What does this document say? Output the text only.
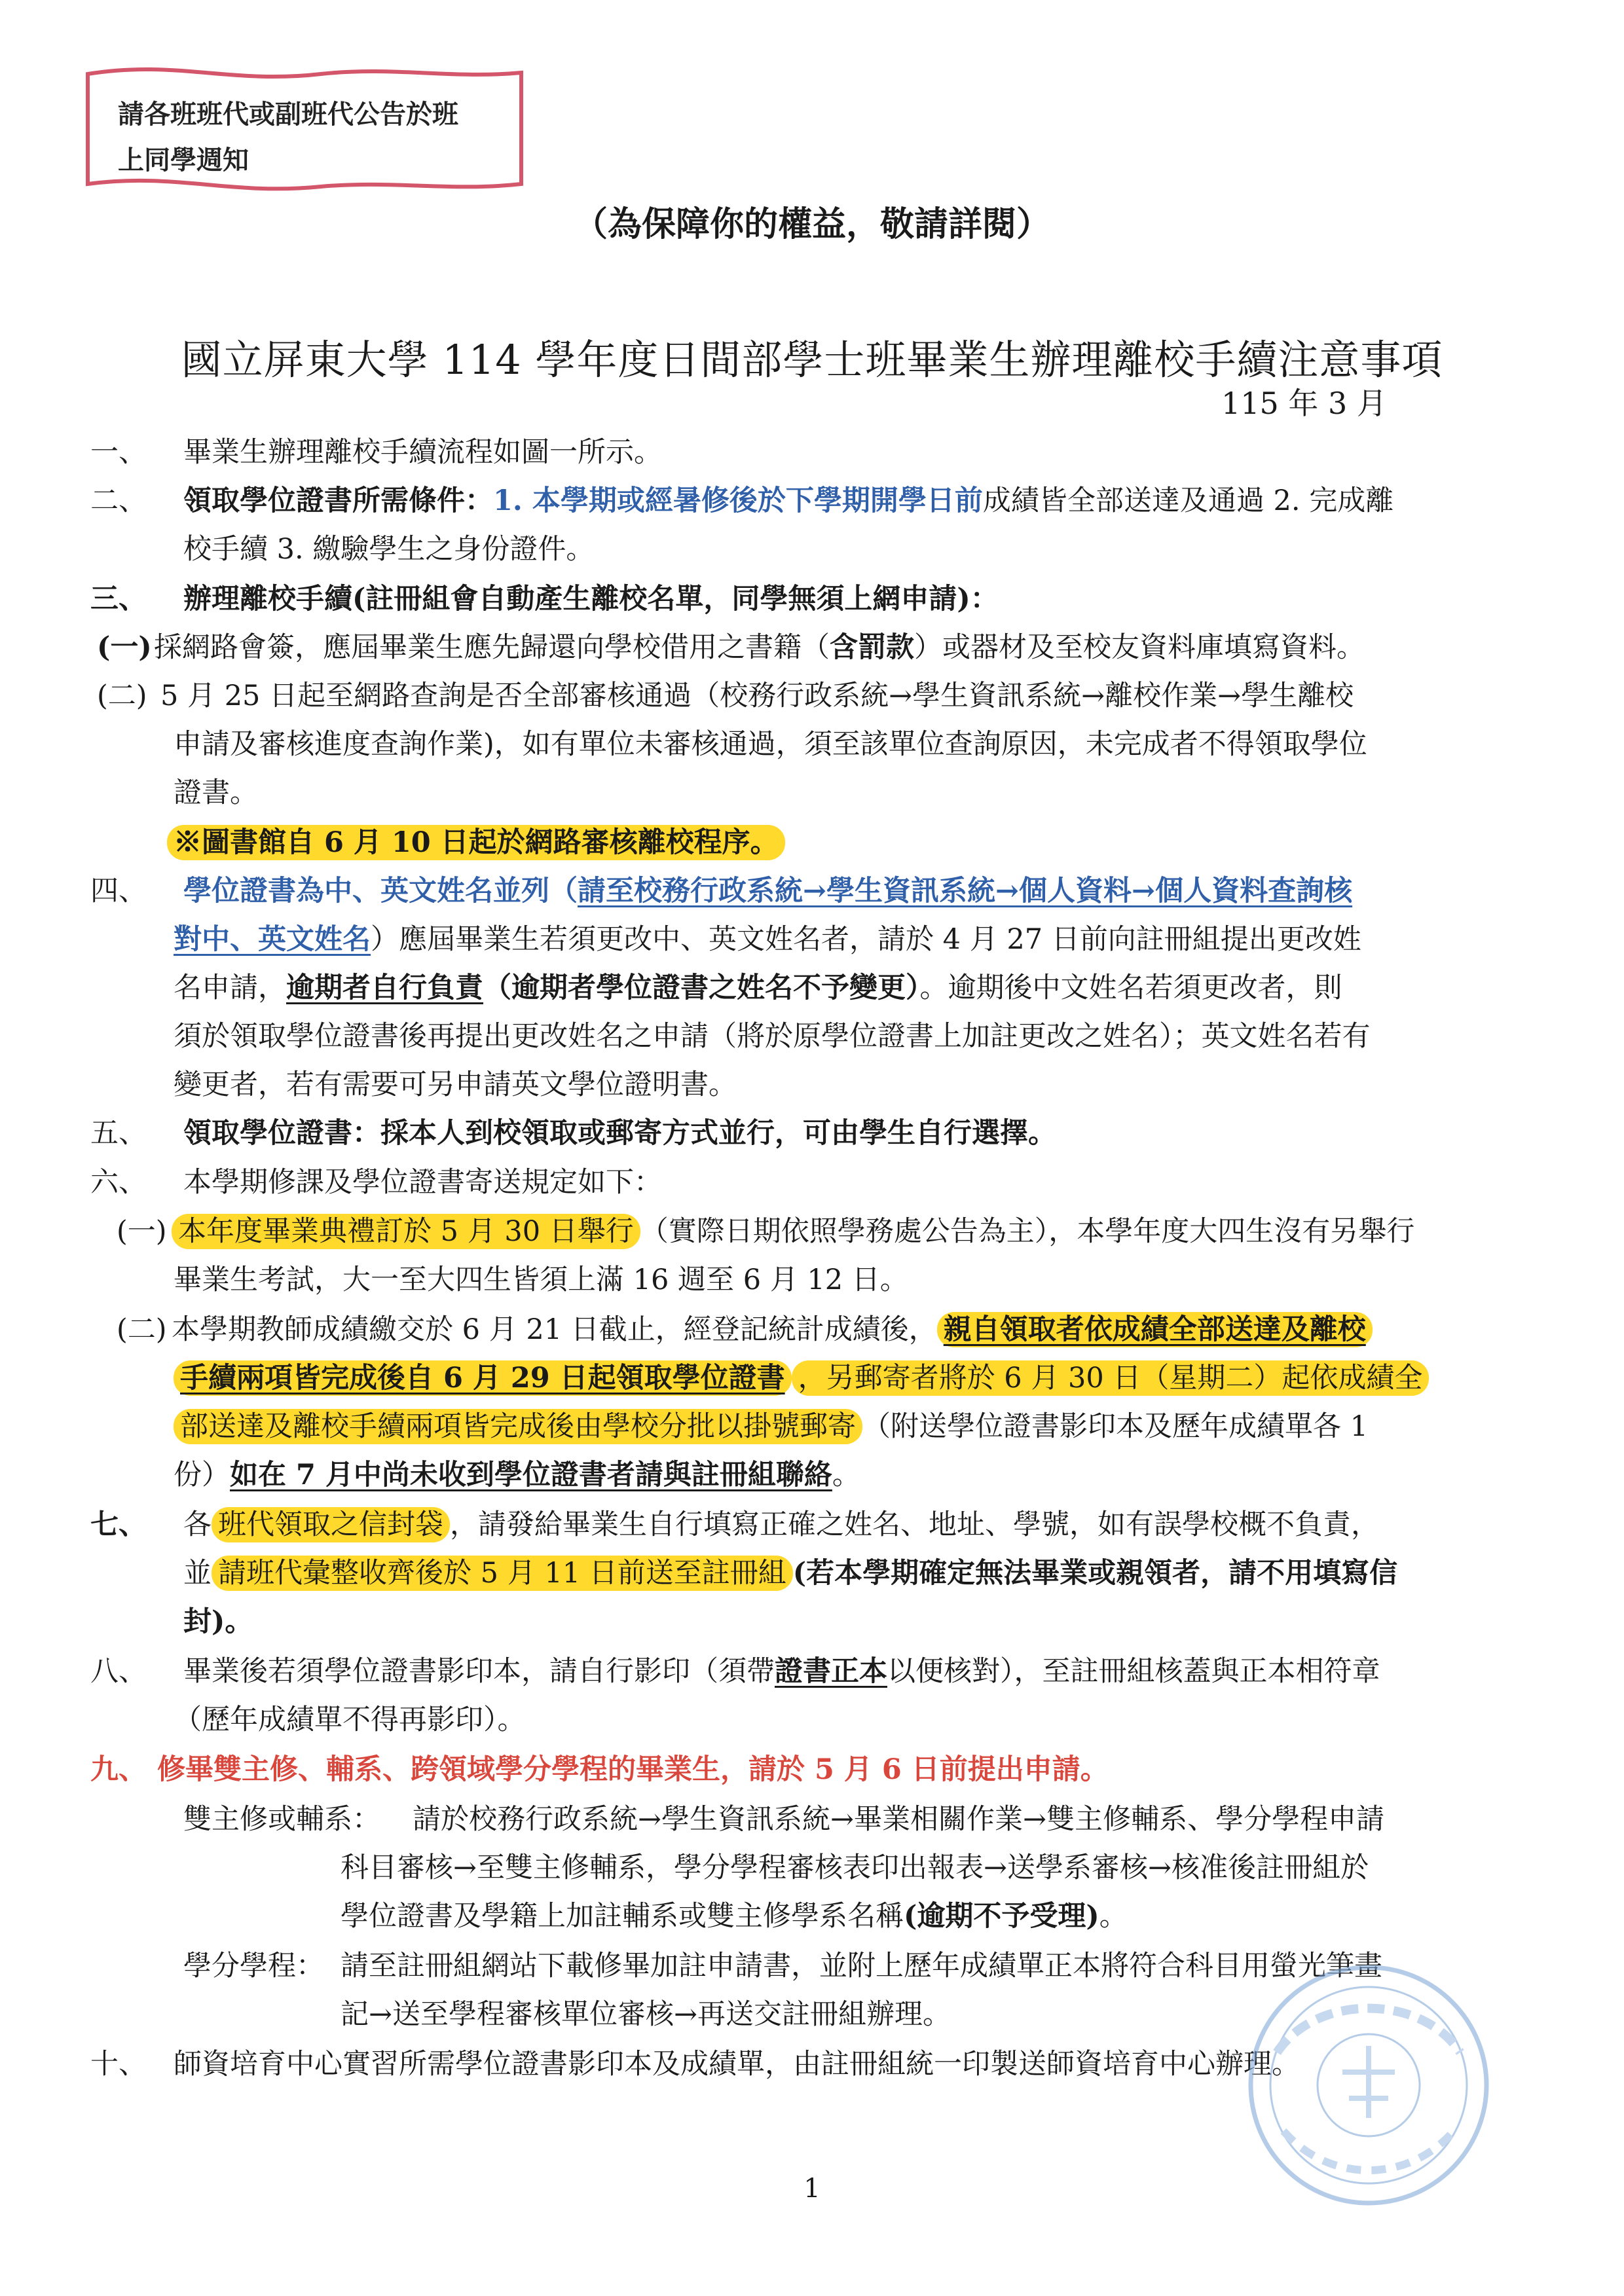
請各班班代或副班代公告於班
上同學週知
（為保障你的權益，敬請詳閱）
國立屏東大學 114 學年度日間部學士班畢業生辦理離校手續注意事項
115 年 3 月
一、 畢業生辦理離校手續流程如圖一所示。
二、 領取學位證書所需條件：1. 本學期或經暑修後於下學期開學日前成績皆全部送達及通過 2. 完成離
校手續 3. 繳驗學生之身份證件。
三、 辦理離校手續(註冊組會自動產生離校名單，同學無須上網申請)：
(一) 採網路會簽，應屆畢業生應先歸還向學校借用之書籍（含罰款）或器材及至校友資料庫填寫資料。
(二) 5 月 25 日起至網路查詢是否全部審核通過（校務行政系統→學生資訊系統→離校作業→學生離校
申請及審核進度查詢作業)，如有單位未審核通過，須至該單位查詢原因，未完成者不得領取學位
證書。
※圖書館自 6 月 10 日起於網路審核離校程序。
四、 學位證書為中、英文姓名並列（請至校務行政系統→學生資訊系統→個人資料→個人資料查詢核
對中、英文姓名）應屆畢業生若須更改中、英文姓名者，請於 4 月 27 日前向註冊組提出更改姓
名申請，逾期者自行負責（逾期者學位證書之姓名不予變更）。逾期後中文姓名若須更改者，則
須於領取學位證書後再提出更改姓名之申請（將於原學位證書上加註更改之姓名）；英文姓名若有
變更者，若有需要可另申請英文學位證明書。
五、 領取學位證書：採本人到校領取或郵寄方式並行，可由學生自行選擇。
六、 本學期修課及學位證書寄送規定如下：
(一) 本年度畢業典禮訂於 5 月 30 日舉行 （實際日期依照學務處公告為主），本學年度大四生沒有另舉行
畢業生考試，大一至大四生皆須上滿 16 週至 6 月 12 日。
(二) 本學期教師成績繳交於 6 月 21 日截止，經登記統計成績後， 親自領取者依成績全部送達及離校
手續兩項皆完成後自 6 月 29 日起領取學位證書 ，另郵寄者將於 6 月 30 日（星期二）起依成績全
部送達及離校手續兩項皆完成後由學校分批以掛號郵寄 （附送學位證書影印本及歷年成績單各 1
份）如在 7 月中尚未收到學位證書者請與註冊組聯絡。
七、 各 班代領取之信封袋 ，請發給畢業生自行填寫正確之姓名、地址、學號，如有誤學校概不負責，
並 請班代彙整收齊後於 5 月 11 日前送至註冊組 (若本學期確定無法畢業或親領者，請不用填寫信
封)。
八、 畢業後若須學位證書影印本，請自行影印（須帶證書正本以便核對），至註冊組核蓋與正本相符章
（歷年成績單不得再影印）。
九、 修畢雙主修、輔系、跨領域學分學程的畢業生，請於 5 月 6 日前提出申請。
雙主修或輔系： 請於校務行政系統→學生資訊系統→畢業相關作業→雙主修輔系、學分學程申請
科目審核→至雙主修輔系，學分學程審核表印出報表→送學系審核→核准後註冊組於
學位證書及學籍上加註輔系或雙主修學系名稱(逾期不予受理)。
學分學程： 請至註冊組網站下載修畢加註申請書，並附上歷年成績單正本將符合科目用螢光筆畫
記→送至學程審核單位審核→再送交註冊組辦理。
十、 師資培育中心實習所需學位證書影印本及成績單，由註冊組統一印製送師資培育中心辦理。
1
